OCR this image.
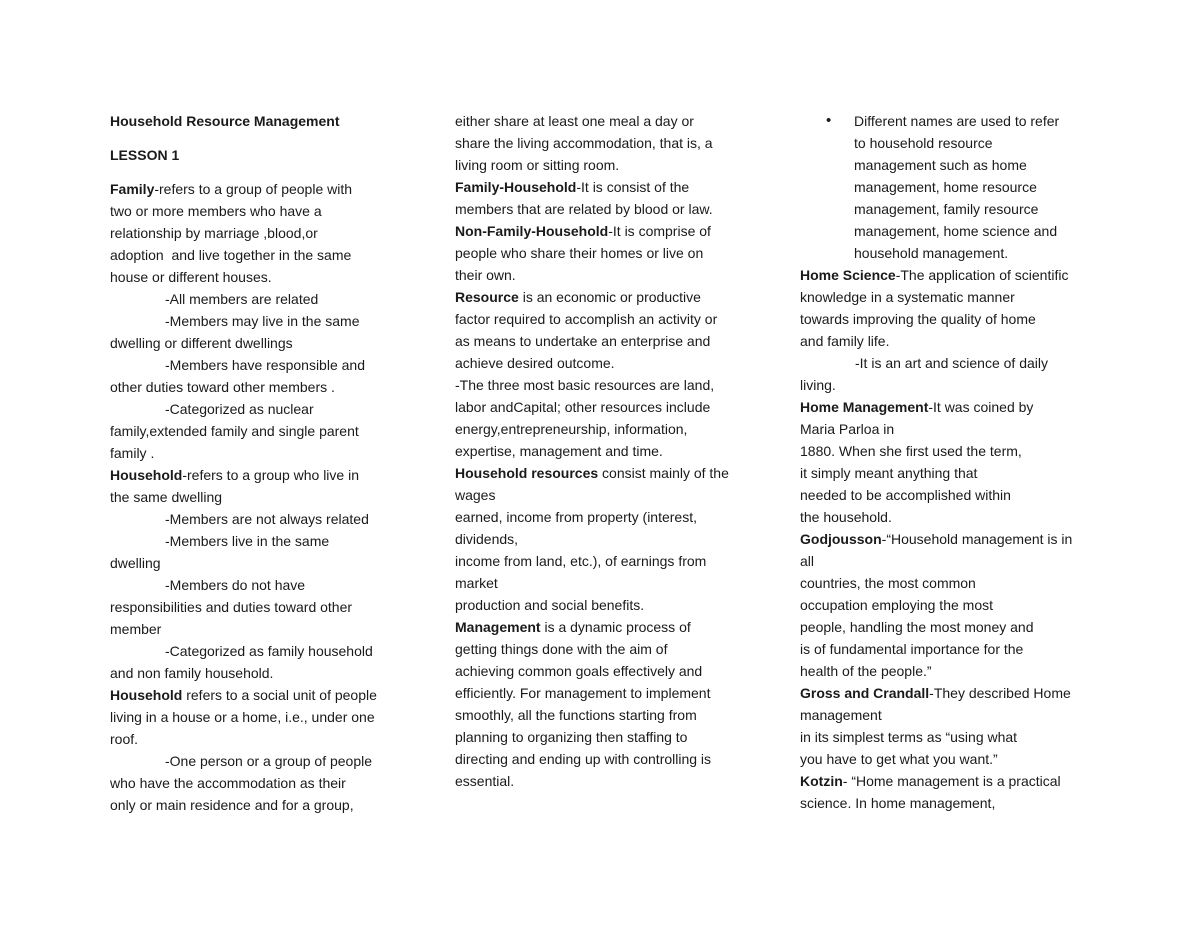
Household Resource Management
LESSON 1
Family-refers to a group of people with
two or more members who have a
relationship by marriage ,blood,or
adoption  and live together in the same
house or different houses.
-All members are related
-Members may live in the same
dwelling or different dwellings
-Members have responsible and
other duties toward other members .
-Categorized as nuclear
family,extended family and single parent
family .
Household-refers to a group who live in
the same dwelling
-Members are not always related
-Members live in the same
dwelling
-Members do not have
responsibilities and duties toward other
member
-Categorized as family household
and non family household.
Household refers to a social unit of people
living in a house or a home, i.e., under one
roof.
-One person or a group of people
who have the accommodation as their
only or main residence and for a group,
either share at least one meal a day or
share the living accommodation, that is, a
living room or sitting room.
Family-Household-It is consist of the
members that are related by blood or law.
Non-Family-Household-It is comprise of
people who share their homes or live on
their own.
Resource is an economic or productive
factor required to accomplish an activity or
as means to undertake an enterprise and
achieve desired outcome.
-The three most basic resources are land,
labor andCapital; other resources include
energy,entrepreneurship, information,
expertise, management and time.
Household resources consist mainly of the
wages
earned, income from property (interest,
dividends,
income from land, etc.), of earnings from
market
production and social benefits.
Management is a dynamic process of
getting things done with the aim of
achieving common goals effectively and
efficiently. For management to implement
smoothly, all the functions starting from
planning to organizing then staffing to
directing and ending up with controlling is
essential.
• Different names are used to refer
to household resource
management such as home
management, home resource
management, family resource
management, home science and
household management.
Home Science-The application of scientific
knowledge in a systematic manner
towards improving the quality of home
and family life.
-It is an art and science of daily
living.
Home Management-It was coined by
Maria Parloa in
1880. When she first used the term,
it simply meant anything that
needed to be accomplished within
the household.
Godjousson-“Household management is in
all
countries, the most common
occupation employing the most
people, handling the most money and
is of fundamental importance for the
health of the people.”
Gross and Crandall-They described Home
management
in its simplest terms as “using what
you have to get what you want.”
Kotzin- “Home management is a practical
science. In home management,
